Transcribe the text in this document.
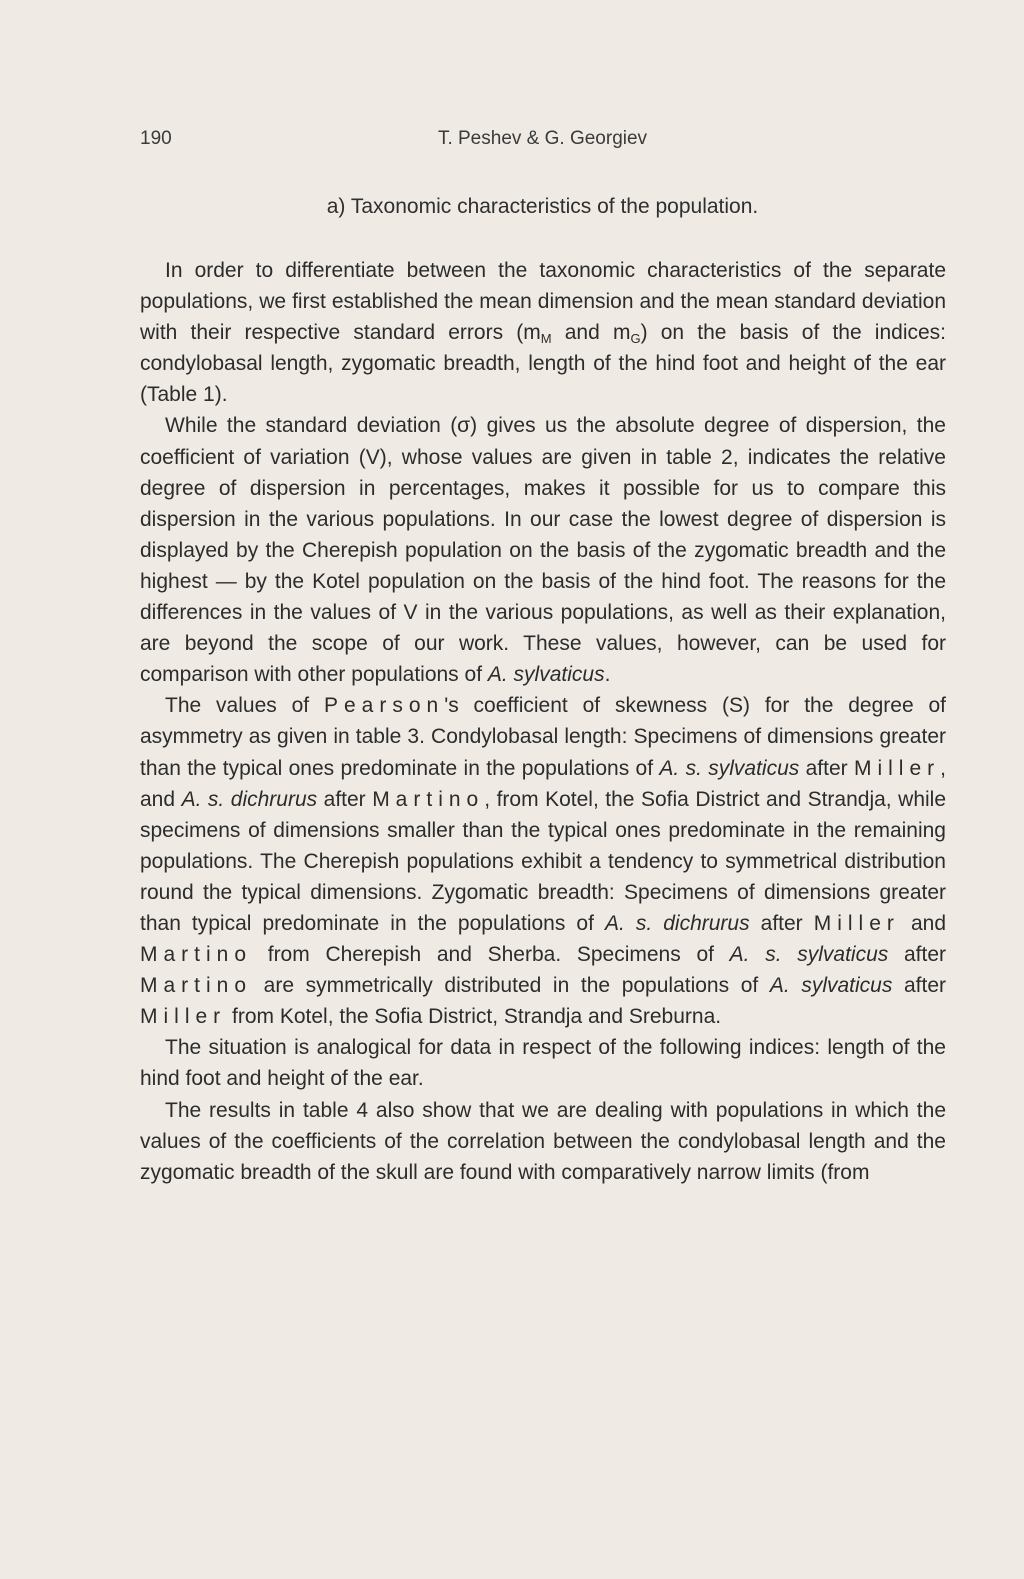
190	T. Peshev & G. Georgiev
a) Taxonomic characteristics of the population.

In order to differentiate between the taxonomic characteristics of the separate populations, we first established the mean dimension and the mean standard deviation with their respective standard errors ($m_M$ and $m_G$) on the basis of the indices: condylobasal length, zygomatic breadth, length of the hind foot and height of the ear (Table 1).

While the standard deviation (σ) gives us the absolute degree of dispersion, the coefficient of variation (V), whose values are given in table 2, indicates the relative degree of dispersion in percentages, makes it possible for us to compare this dispersion in the various populations. In our case the lowest degree of dispersion is displayed by the Cherepish population on the basis of the zygomatic breadth and the highest — by the Kotel population on the basis of the hind foot. The reasons for the differences in the values of V in the various populations, as well as their explanation, are beyond the scope of our work. These values, however, can be used for comparison with other populations of A. sylvaticus.

The values of Pearson's coefficient of skewness (S) for the degree of asymmetry as given in table 3. Condylobasal length: Specimens of dimensions greater than the typical ones predominate in the populations of A. s. sylvaticus after Miller, and A. s. dichrurus after Martino, from Kotel, the Sofia District and Strandja, while specimens of dimensions smaller than the typical ones predominate in the remaining populations. The Cherepish populations exhibit a tendency to symmetrical distribution round the typical dimensions. Zygomatic breadth: Specimens of dimensions greater than typical predominate in the populations of A. s. dichrurus after Miller and Martino from Cherepish and Sherba. Specimens of A. s. sylvaticus after Martino are symmetrically distributed in the populations of A. sylvaticus after Miller from Kotel, the Sofia District, Strandja and Sreburna.

The situation is analogical for data in respect of the following indices: length of the hind foot and height of the ear.

The results in table 4 also show that we are dealing with populations in which the values of the coefficients of the correlation between the condylobasal length and the zygomatic breadth of the skull are found with comparatively narrow limits (from
